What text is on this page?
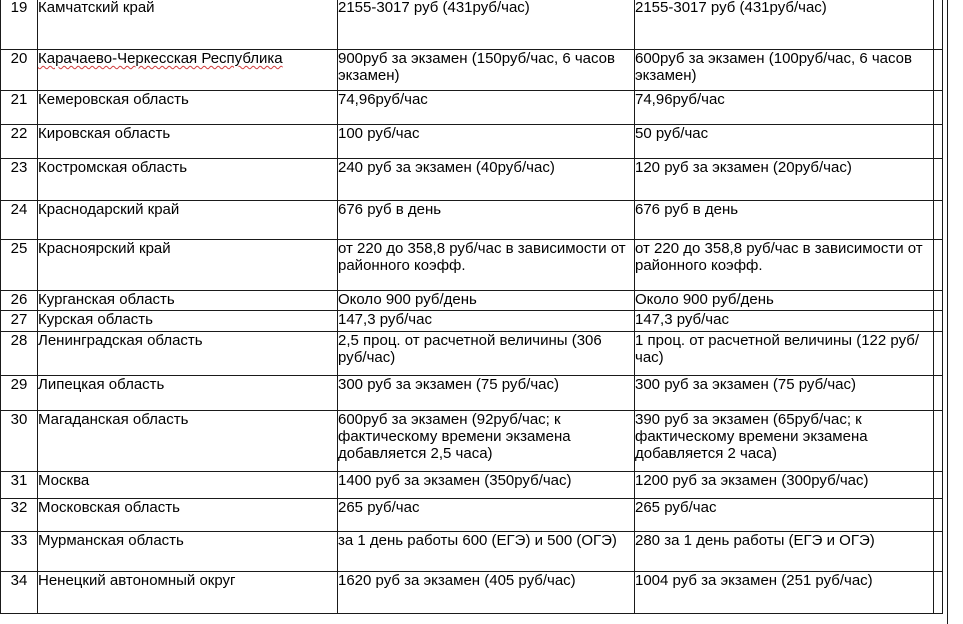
19	Камчатский край	2155-3017 руб (431руб/час)	2155-3017 руб (431руб/час)	
20	Карачаево-Черкесская Республика	900руб за экзамен (150руб/час, 6 часов экзамен)	600руб за экзамен (100руб/час, 6 часов экзамен)	
21	Кемеровская область	74,96руб/час	74,96руб/час	
22	Кировская область	100 руб/час	50 руб/час	
23	Костромская область	240 руб за экзамен (40руб/час)	120 руб за экзамен (20руб/час)	
24	Краснодарский край	676 руб в день	676 руб в день	
25	Красноярский край	от 220 до 358,8 руб/час в зависимости от районного коэфф.	от 220 до 358,8 руб/час в зависимости от районного коэфф.	
26	Курганская область	Около 900 руб/день	Около 900 руб/день	
27	Курская область	147,3 руб/час	147,3 руб/час	
28	Ленинградская область	2,5 проц. от расчетной величины (306 руб/час)	1 проц. от расчетной величины (122 руб/час)	
29	Липецкая область	300 руб за экзамен (75 руб/час)	300 руб за экзамен (75 руб/час)	
30	Магаданская область	600руб за экзамен (92руб/час; к фактическому времени экзамена добавляется 2,5 часа)	390 руб за экзамен (65руб/час; к фактическому времени экзамена добавляется 2 часа)	
31	Москва	1400 руб за экзамен (350руб/час)	1200 руб за экзамен (300руб/час)	
32	Московская область	265 руб/час	265 руб/час	
33	Мурманская область	за 1 день работы 600 (ЕГЭ) и 500 (ОГЭ)	280 за 1 день работы (ЕГЭ и ОГЭ)	
34	Ненецкий автономный округ	1620 руб за экзамен (405 руб/час)	1004 руб за экзамен (251 руб/час)	
